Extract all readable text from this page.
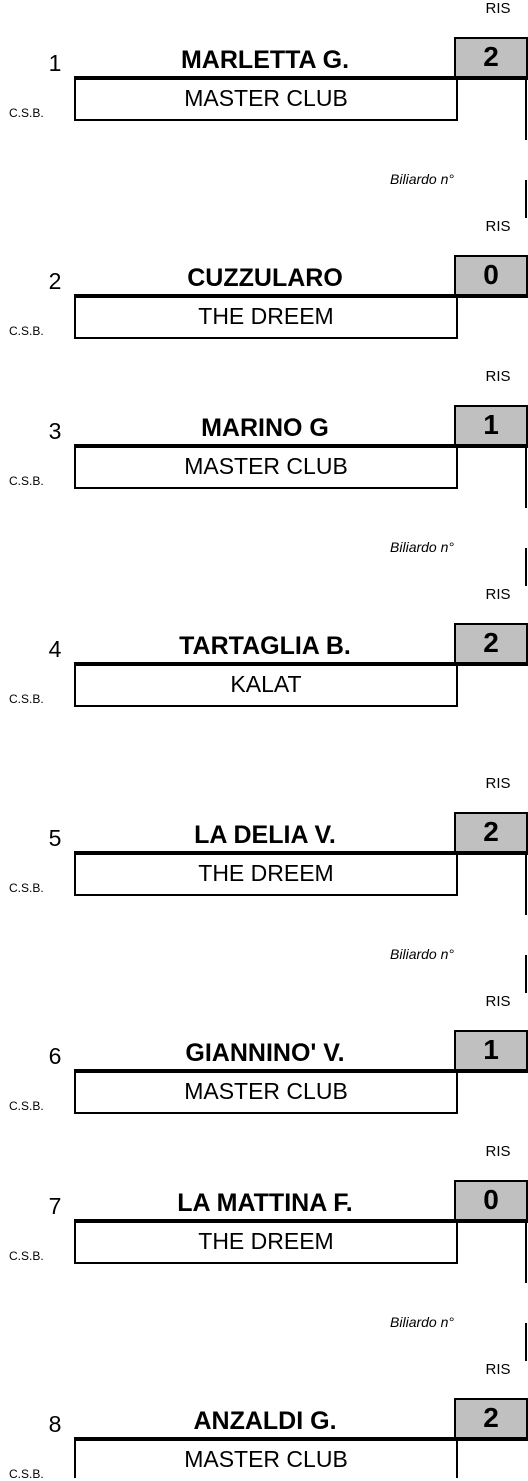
RIS
1	MARLETTA G.
MASTER CLUB
C.S.B.
2
Biliardo n°
RIS
2	CUZZULARO
THE DREEM
C.S.B.
0
RIS
3	MARINO G
MASTER CLUB
C.S.B.
1
Biliardo n°
RIS
4	TARTAGLIA B.
KALAT
C.S.B.
2
RIS
5	LA DELIA V.
THE DREEM
C.S.B.
2
Biliardo n°
RIS
6	GIANNINO' V.
MASTER CLUB
C.S.B.
1
RIS
7	LA MATTINA F.
THE DREEM
C.S.B.
0
Biliardo n°
RIS
8	ANZALDI G.
MASTER CLUB
C.S.B.
2
